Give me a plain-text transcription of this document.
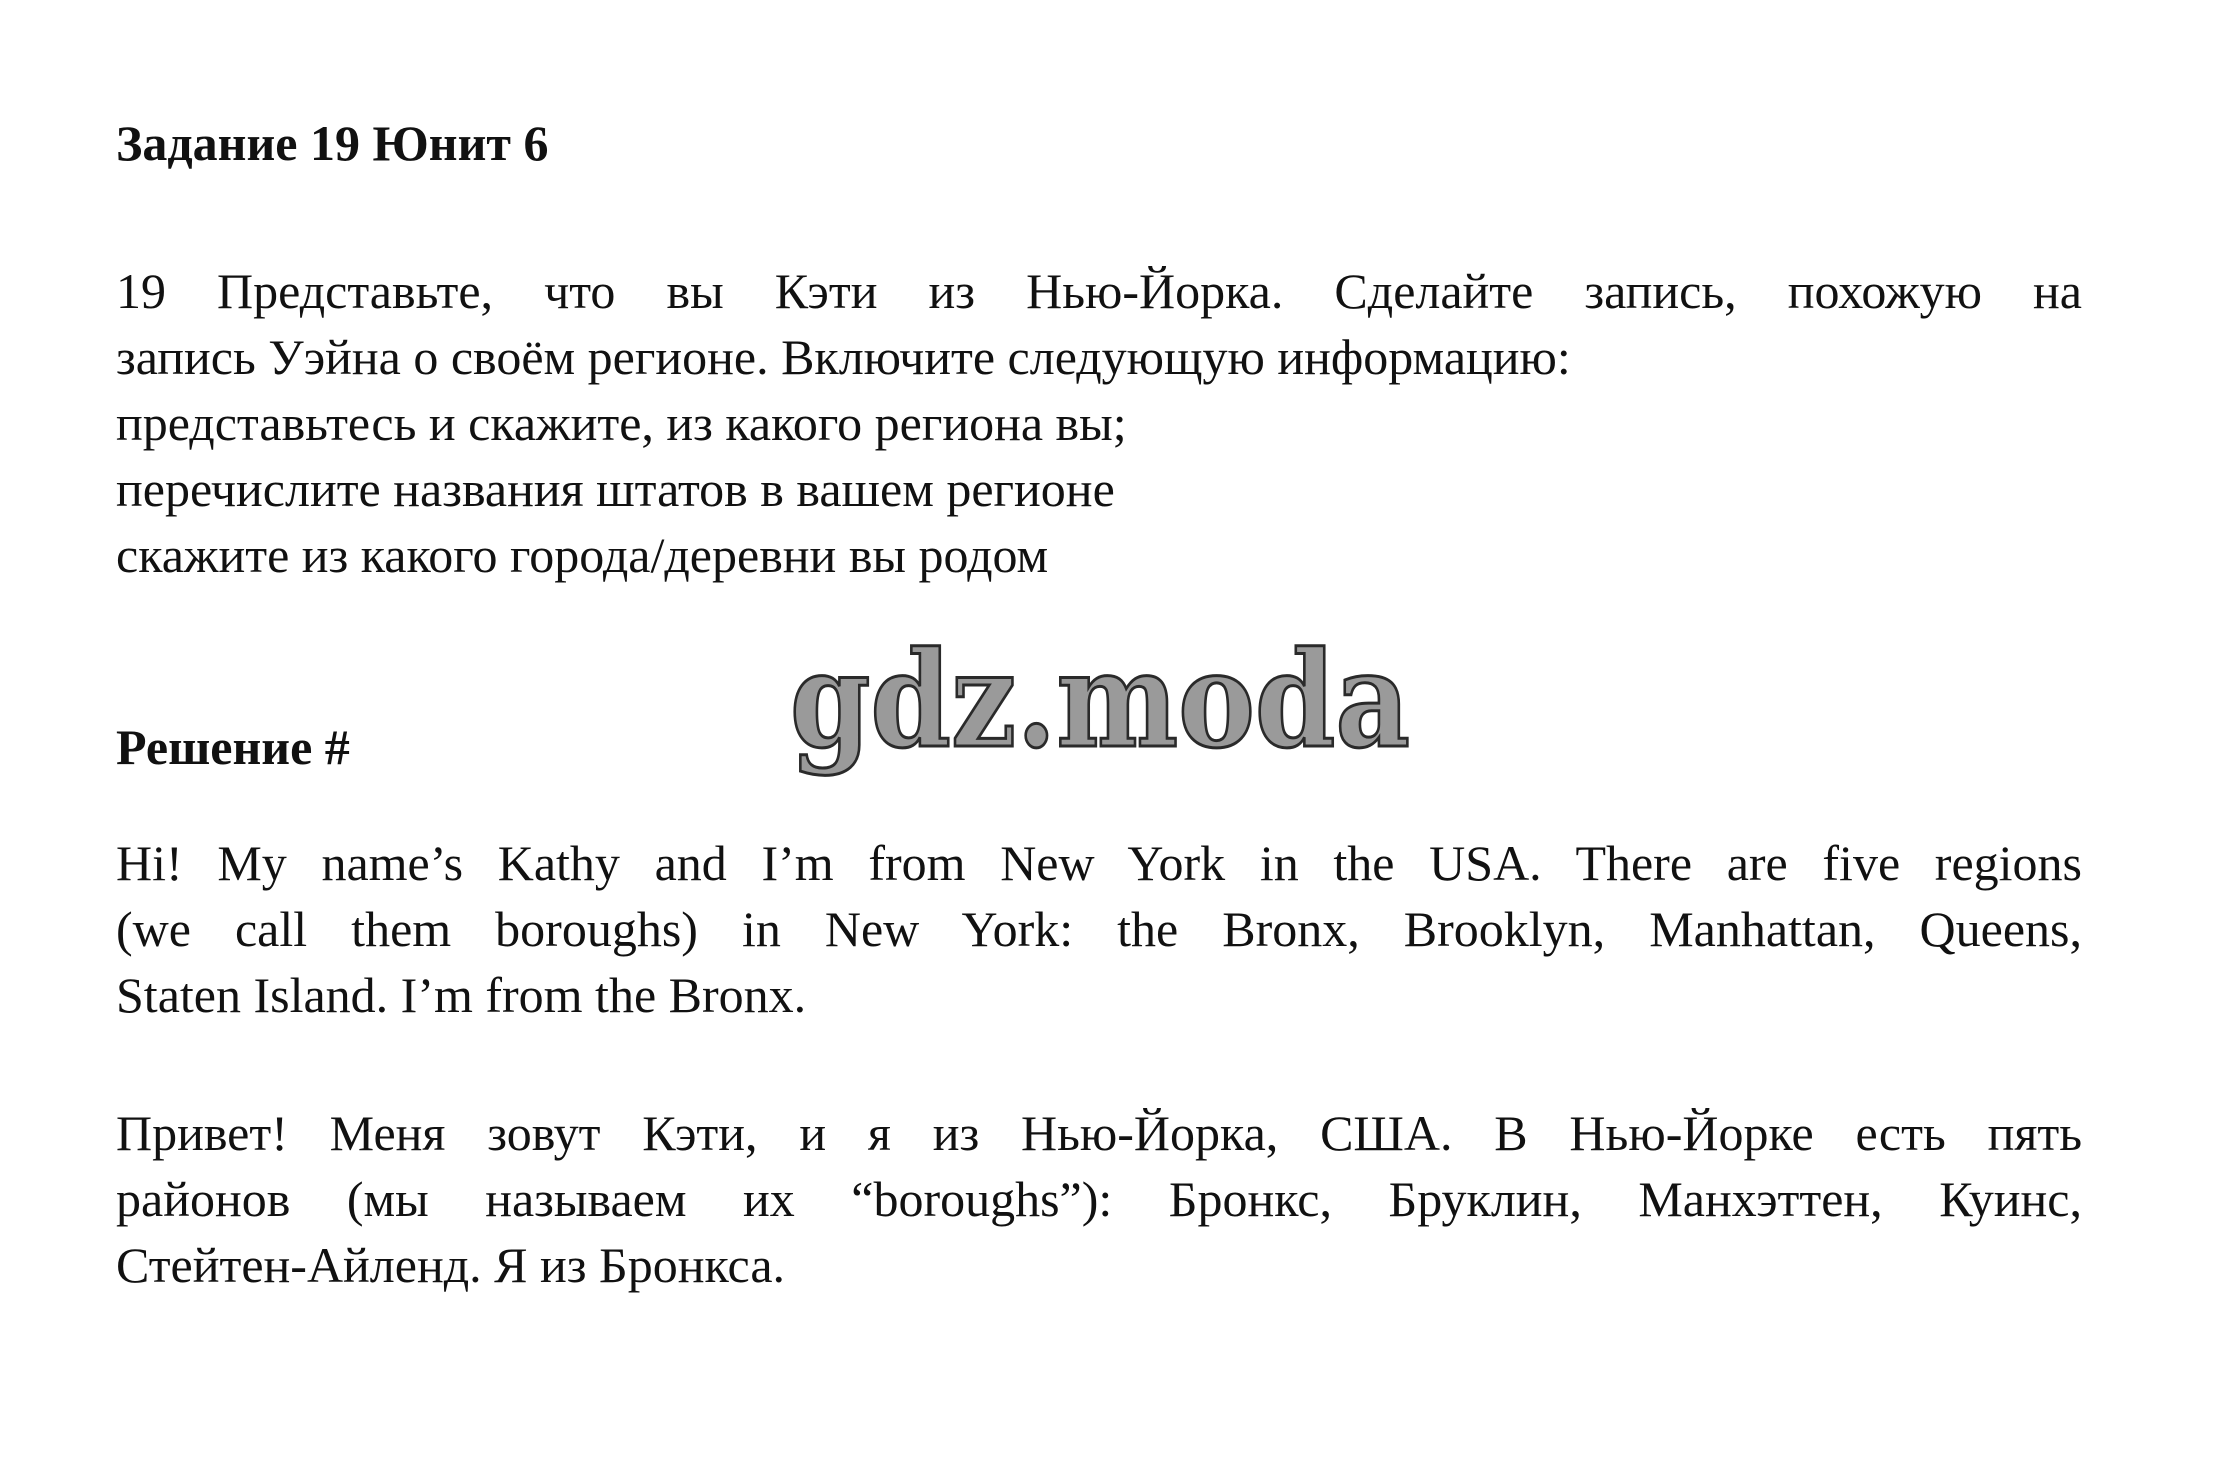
Задание 19 Юнит 6
19 Представьте, что вы Кэти из Нью-Йорка. Сделайте запись, похожую на
запись Уэйна о своём регионе. Включите следующую информацию:
представьтесь и скажите, из какого региона вы;
перечислите названия штатов в вашем регионе
скажите из какого города/деревни вы родом
gdz.moda
Решение #
Hi! My name’s Kathy and I’m from New York in the USA. There are five regions
(we call them boroughs) in New York: the Bronx, Brooklyn, Manhattan, Queens,
Staten Island. I’m from the Bronx.
Привет! Меня зовут Кэти, и я из Нью-Йорка, США. В Нью-Йорке есть пять
районов (мы называем их “boroughs”): Бронкс, Бруклин, Манхэттен, Куинс,
Стейтен-Айленд. Я из Бронкса.
